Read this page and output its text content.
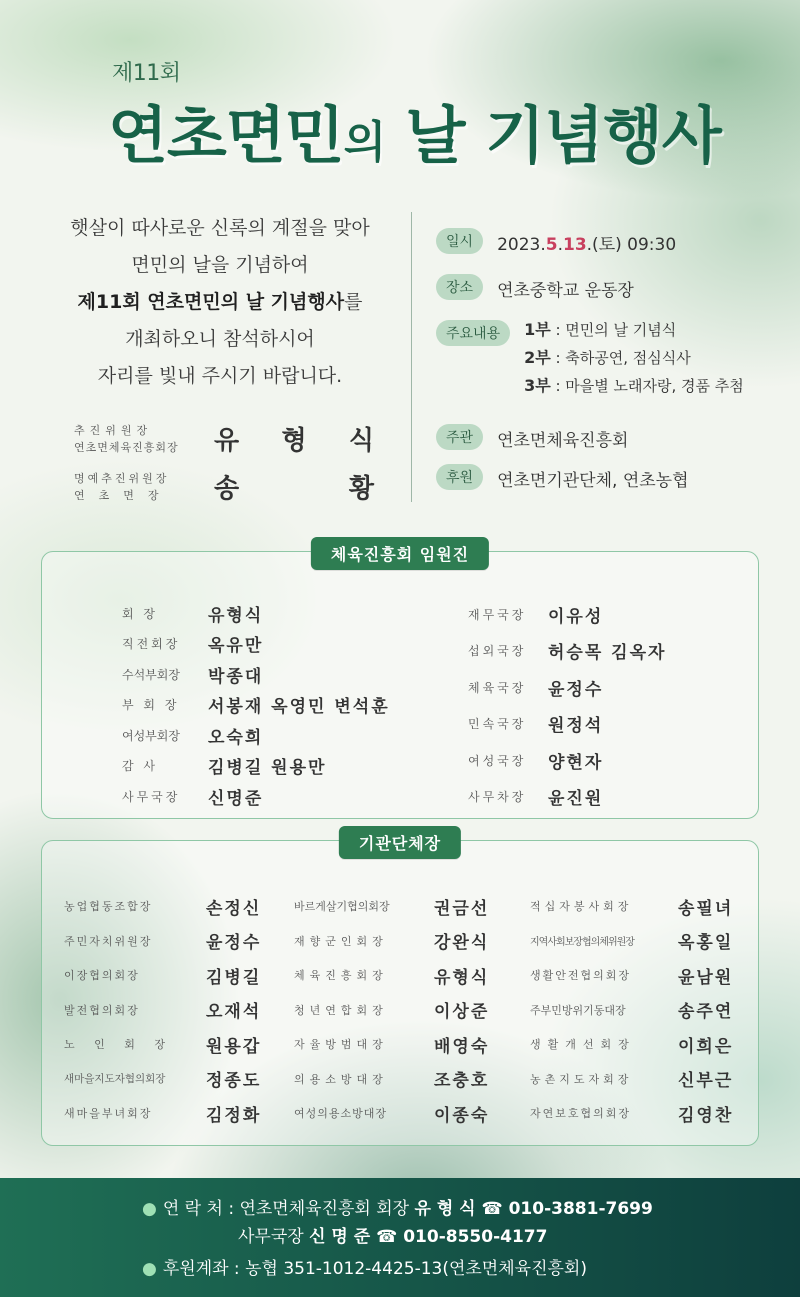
제11회
연초면민의 날 기념행사
햇살이 따사로운 신록의 계절을 맞아
면민의 날을 기념하여
제11회 연초면민의 날 기념행사를
개최하오니 참석하시어
자리를 빛내 주시기 바랍니다.
추진위원장
연초면체육진흥회장	유 형 식
명예추진위원장
연초면장	송	황
일시	2023.5.13.(토) 09:30
장소	연초중학교 운동장
주요내용	1부 : 면민의 날 기념식
2부 : 축하공연, 점심식사
3부 : 마을별 노래자랑, 경품 추첨
주관	연초면체육진흥회
후원	연초면기관단체, 연초농협
체육진흥회 임원진
회 장	유형식
직전회장	옥유만
수석부회장	박종대
부 회 장	서봉재 옥영민 변석훈
여성부회장	오숙희
감 사	김병길 원용만
사무국장	신명준
재무국장	이유성
섭외국장	허승목 김옥자
체육국장	윤정수
민속국장	원정석
여성국장	양현자
사무차장	윤진원
기관단체장
농업협동조합장	손정신
주민자치위원장	윤정수
이장협의회장	김병길
발전협의회장	오재석
노 인 회 장	원용갑
새마을지도자협의회장	정종도
새마을부녀회장	김정화
바르게살기협의회장	권금선
재향군인회장	강완식
체육진흥회장	유형식
청년연합회장	이상준
자율방범대장	배영숙
의용소방대장	조충호
여성의용소방대장	이종숙
적십자봉사회장	송필녀
지역사회보장협의체위원장	옥홍일
생활안전협의회장	윤남원
주부민방위기동대장	송주연
생활개선회장	이희은
농촌지도자회장	신부근
자연보호협의회장	김영찬
● 연 락 처 : 연초면체육진흥회 회장 유 형 식 ☎ 010-3881-7699
사무국장 신 명 준 ☎ 010-8550-4177
● 후원계좌 : 농협 351-1012-4425-13(연초면체육진흥회)
